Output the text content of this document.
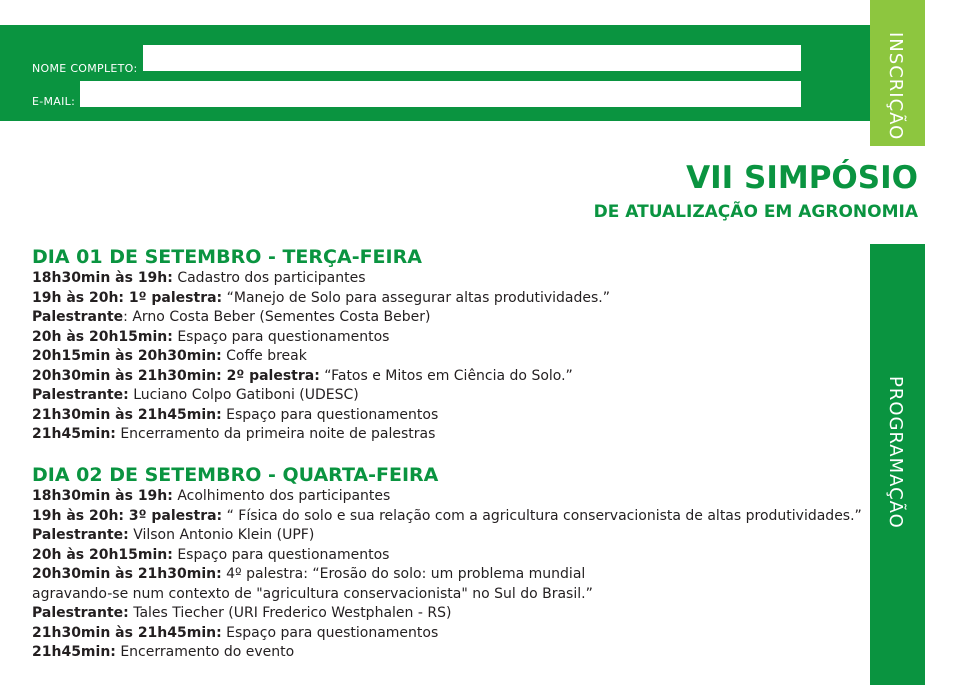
NOME COMPLETO:
E-MAIL:	INSCRIÇÃO
PROGRAMAÇÃO
VII SIMPÓSIO
DE ATUALIZAÇÃO EM AGRONOMIA
DIA 01 DE SETEMBRO - TERÇA-FEIRA
18h30min às 19h: Cadastro dos participantes
19h às 20h: 1º palestra: “Manejo de Solo para assegurar altas produtividades.”
Palestrante: Arno Costa Beber (Sementes Costa Beber)
20h às 20h15min: Espaço para questionamentos
20h15min às 20h30min: Coffe break
20h30min às 21h30min: 2º palestra: “Fatos e Mitos em Ciência do Solo.”
Palestrante: Luciano Colpo Gatiboni (UDESC)
21h30min às 21h45min: Espaço para questionamentos
21h45min: Encerramento da primeira noite de palestras
DIA 02 DE SETEMBRO - QUARTA-FEIRA
18h30min às 19h: Acolhimento dos participantes
19h às 20h: 3º palestra: “ Física do solo e sua relação com a agricultura conservacionista de altas produtividades.”
Palestrante: Vilson Antonio Klein (UPF)
20h às 20h15min: Espaço para questionamentos
20h30min às 21h30min: 4º palestra: “Erosão do solo: um problema mundial
agravando-se num contexto de "agricultura conservacionista" no Sul do Brasil.”
Palestrante: Tales Tiecher (URI Frederico Westphalen - RS)
21h30min às 21h45min: Espaço para questionamentos
21h45min: Encerramento do evento
